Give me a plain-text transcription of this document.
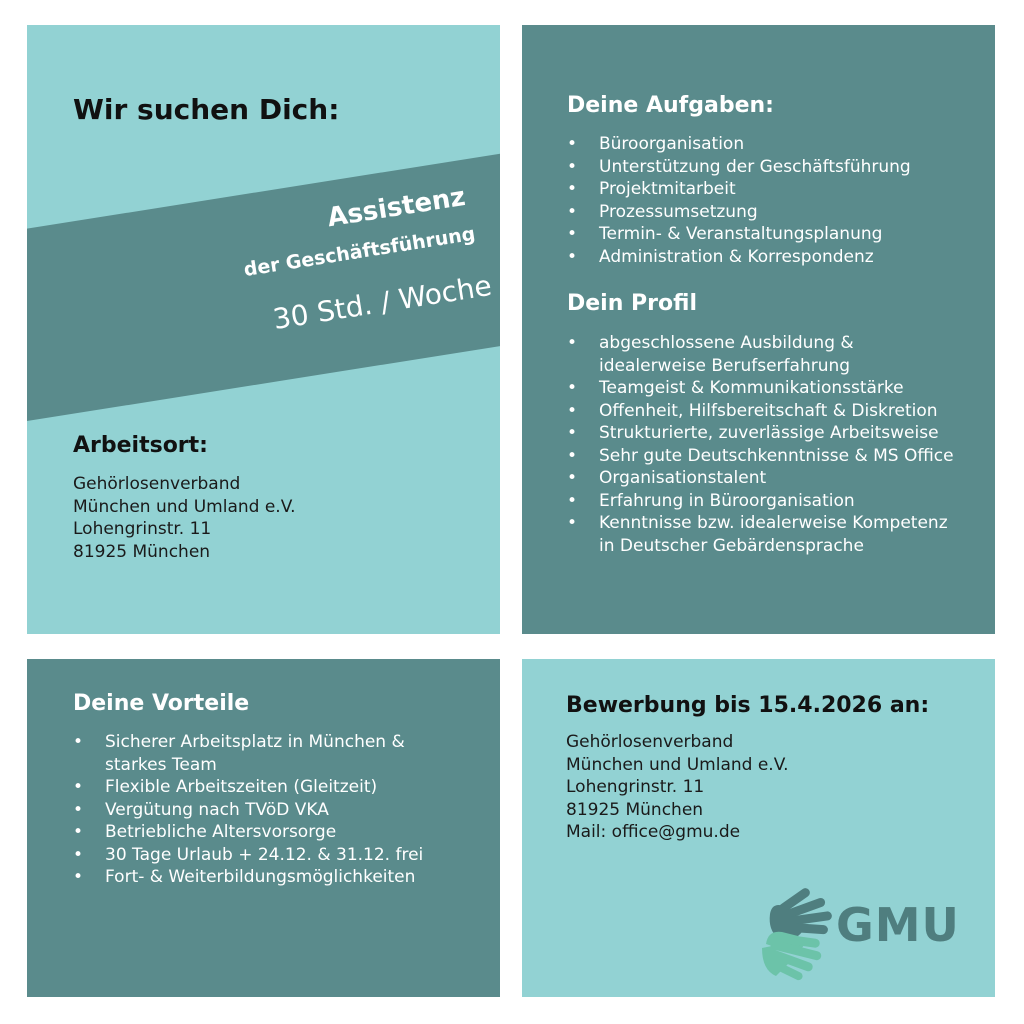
Wir suchen Dich:
Assistenz
der Geschäftsführung
30 Std. / Woche
Arbeitsort:
Gehörlosenverband
München und Umland e.V.
Lohengrinstr. 11
81925 München
Deine Aufgaben:
• Büroorganisation
• Unterstützung der Geschäftsführung
• Projektmitarbeit
• Prozessumsetzung
• Termin- & Veranstaltungsplanung
• Administration & Korrespondenz
Dein Profil
• abgeschlossene Ausbildung &
idealerweise Berufserfahrung
• Teamgeist & Kommunikationsstärke
• Offenheit, Hilfsbereitschaft & Diskretion
• Strukturierte, zuverlässige Arbeitsweise
• Sehr gute Deutschkenntnisse & MS Office
• Organisationstalent
• Erfahrung in Büroorganisation
• Kenntnisse bzw. idealerweise Kompetenz
in Deutscher Gebärdensprache
Deine Vorteile
• Sicherer Arbeitsplatz in München &
starkes Team
• Flexible Arbeitszeiten (Gleitzeit)
• Vergütung nach TVöD VKA
• Betriebliche Altersvorsorge
• 30 Tage Urlaub + 24.12. & 31.12. frei
• Fort- & Weiterbildungsmöglichkeiten
Bewerbung bis 15.4.2026 an:
Gehörlosenverband
München und Umland e.V.
Lohengrinstr. 11
81925 München
Mail: office@gmu.de
GMU
